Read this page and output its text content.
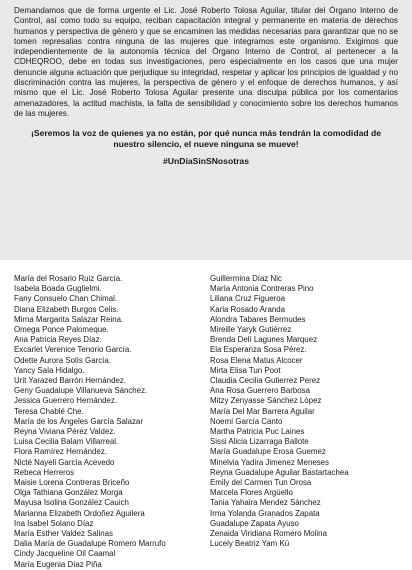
Demandamos que de forma urgente el Lic. José Roberto Tolosa Aguilar, titular del Órgano Interno de Control, así como todo su equipo, reciban capacitación integral y permanente en materia de derechos humanos y perspectiva de género y que se encaminen las medidas necesarias para garantizar que no se tomen represalias contra ninguna de las mujeres que integramos este organismo. Exigimos que independientemente de la autonomía técnica del Órgano Interno de Control, al pertenecer a la CDHEQROO, debe en todas sus investigaciones, pero especialmente en los casos que una mujer denuncie alguna actuación que perjudique su integridad, respetar y aplicar los principios de igualdad y no discriminación contra las mujeres, la perspectiva de género y el enfoque de derechos humanos, y así mismo que el Lic. José Roberto Tolosa Aguilar presente una disculpa pública por los comentarios amenazadores, la actitud machista, la falta de sensibilidad y conocimiento sobre los derechos humanos de las mujeres.

¡Seremos la voz de quienes ya no están, por qué nunca más tendrán la comodidad de nuestro silencio, el nueve ninguna se mueve!
#UnDíaSinSNosotras
María del Rosario Ruiz García.
Isabela Boada Guglielmi.
Fany Consuelo Chan Chimal.
Diana Elizabeth Burgos Celis.
Mirna Margarita Salazar Reina.
Omega Ponce Palomeque.
Ana Patricia Reyes Díaz.
Excarlet Verenice Tenorio García.
Odette Aurora Solís García.
Yancy Sala Hidalgo.
Urit Yarazed Barrón Hernández.
Geny Guadalupe Villanueva Sánchez.
Jessica Guerrero Hernández.
Teresa Chablé Che.
María de los Ángeles García Salazar
Reyna Viviana Pérez Valdez.
Luisa Cecilia Balam Villarreal.
Flora Ramírez Hernández.
Nicté Nayeli García Acevedo
Rebeca Herreros
Maisie Lorena Contreras Briceño
Olga Tathiana González Morga
Mayusa Isolina González Cauich
Marianna Elizabeth Ordoñez Aguilera
Ina Isabel Solano Díaz
María Esther Valdez Salinas
Dalia María de Guadalupe Romero Marrufo
Cindy Jacqueline Oil Caamal
María Eugenia Díaz Piña
Guillermina Díaz Nic
María Antonia Contreras Pino
Liliana Cruz Figueroa
Karla Rosado Aranda
Alondra Tabares Bermudes
Mireille Yaryk Gutiérrez
Brenda Delí Lagunes Marquez
Ela Esperanza Sosa Pérez.
Rosa Elena Matus Alcocer
Mirta Elisa Tun Poot
Claudia Cecilia Gutierrez Perez
Ana Rosa Guerrero Barbosa
Mitzy Zenyasse Sánchez López
María Del Mar Barrera Aguilar
Noemí García Canto
Martha Patricia Puc Laines
Sissi Alicia Lizarraga Ballote
María Guadalupe Erosa Guemez
Minelvia Yadira Jimenez Meneses
Reyna Guadalupe Aguilar Bastartachea
Emily del Carmen Tun Orosa
Marcela Flores Argüello
Tania Yahaira Mendez Sánchez
Irma Yolanda Granados Zapata
Guadalupe Zapata Ayuso
Zenaida Viridiana Romero Molina
Lucely Beatriz Yam Kú
